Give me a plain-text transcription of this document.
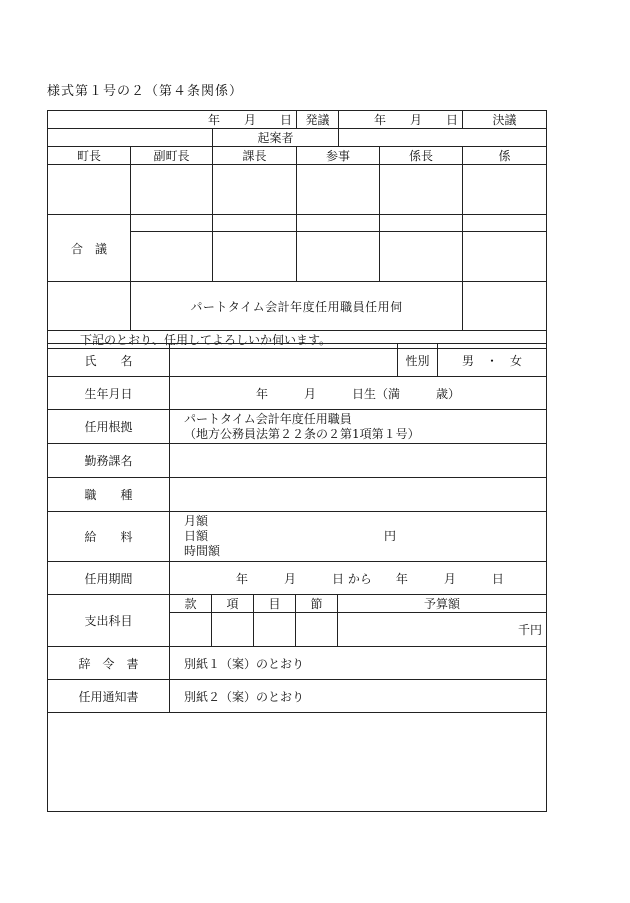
様式第１号の２（第４条関係）
年　　月　　日			発議	年　　月　　日		決議
		起案者				
町長	副町長	課長	参事		係長	係

合　議						

	パートタイム会計年度任用職員任用伺					
下記のとおり、任用してよろしいか伺います。						
氏　　名						性別	男　・　女
生年月日	年　　　月　　　日生（満　　　歳）						
任用根拠	パートタイム会計年度任用職員
（地方公務員法第２２条の２第1項第１号）						

勤務課名							
職　　種							
給　　料	月額
日額 円
時間額						

任用期間	年　　　月　　　日 から　　年　　　月　　　日						
支出科目	款	項	目	節	予算額		
					千円		
辞　令　書	別紙１（案）のとおり						
任用通知書	別紙２（案）のとおり						
